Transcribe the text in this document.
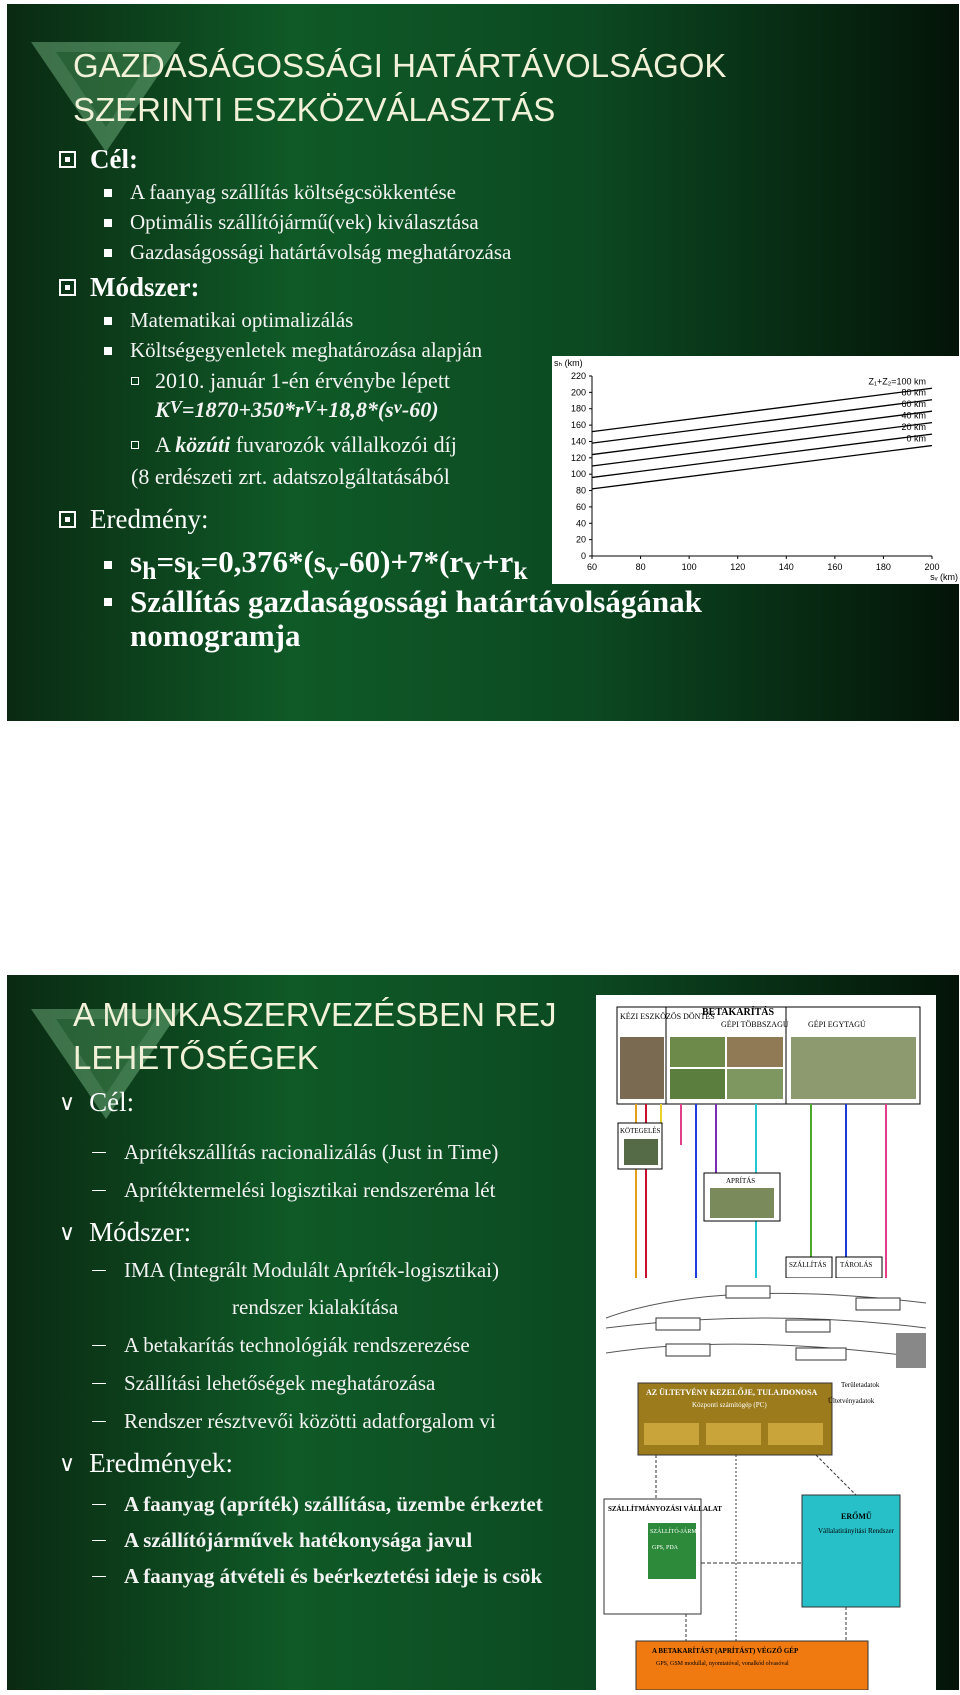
GAZDASÁGOSSÁGI HATÁRTÁVOLSÁGOK
SZERINTI ESZKÖZVÁLASZTÁS
Cél:
A faanyag szállítás költségcsökkentése
Optimális szállítójármű(vek) kiválasztása
Gazdaságossági határtávolság meghatározása
Módszer:
Matematikai optimalizálás
Költségegyenletek meghatározása alapján
2010. január 1-én érvénybe lépett
K V =1870+350*r V +18,8*(s v -60)
A közúti fuvarozók vállalkozói díj
(8 erdészeti zrt. adatszolgáltatásából
Eredmény:
$s_h=s_k=0,376*(s_v-60)+7*(r_V+r_k$
Szállítás gazdaságossági határtávolságának
nomogramja
0
20
40
60
80
100
120
140
160
180
200
220
60	80	100	120	140	160	180	200
sₕ (km)
sᵥ (km)
Z₁+Z₂=100 km
80 km
60 km
40 km
20 km
0 km
A MUNKASZERVEZÉSBEN REJ
LEHETŐSÉGEK
∨ Cél:
Aprítékszállítás racionalizálás (Just in Time)
Aprítéktermelési logisztikai rendszeréma lét
∨ Módszer:
IMA (Integrált Modulált Apríték-logisztikai)
rendszer kialakítása
A betakarítás technológiák rendszerezése
Szállítási lehetőségek meghatározása
Rendszer résztvevői közötti adatforgalom vi
∨ Eredmények:
A faanyag (apríték) szállítása, üzembe érkeztet
A szállítójárművek hatékonysága javul
A faanyag átvételi és beérkeztetési ideje is csök
KÉZI ESZKÖZÖS DÖNTÉS
BETAKARÍTÁS
GÉPI TÖBBSZAGÚ GÉPI EGYTAGÚ
KÖTEGELÉS
APRÍTÁS
SZÁLLÍTÁS TÁROLÁS
AZ ÜLTETVÉNY KEZELŐJE, TULAJDONOSA
Központi számítógép (PC)
Területadatok
Ültetvényadatok
SZÁLLÍTMÁNYOZÁSI VÁLLALAT
SZÁLLÍTÓ-JÁRMŰ
GPS, PDA
ERŐMŰ
Vállalatirányítási Rendszer
A BETAKARÍTÁST (APRÍTÁST) VÉGZŐ GÉP
GPS, GSM modullal, nyomtatóval, vonalkód olvasóval
